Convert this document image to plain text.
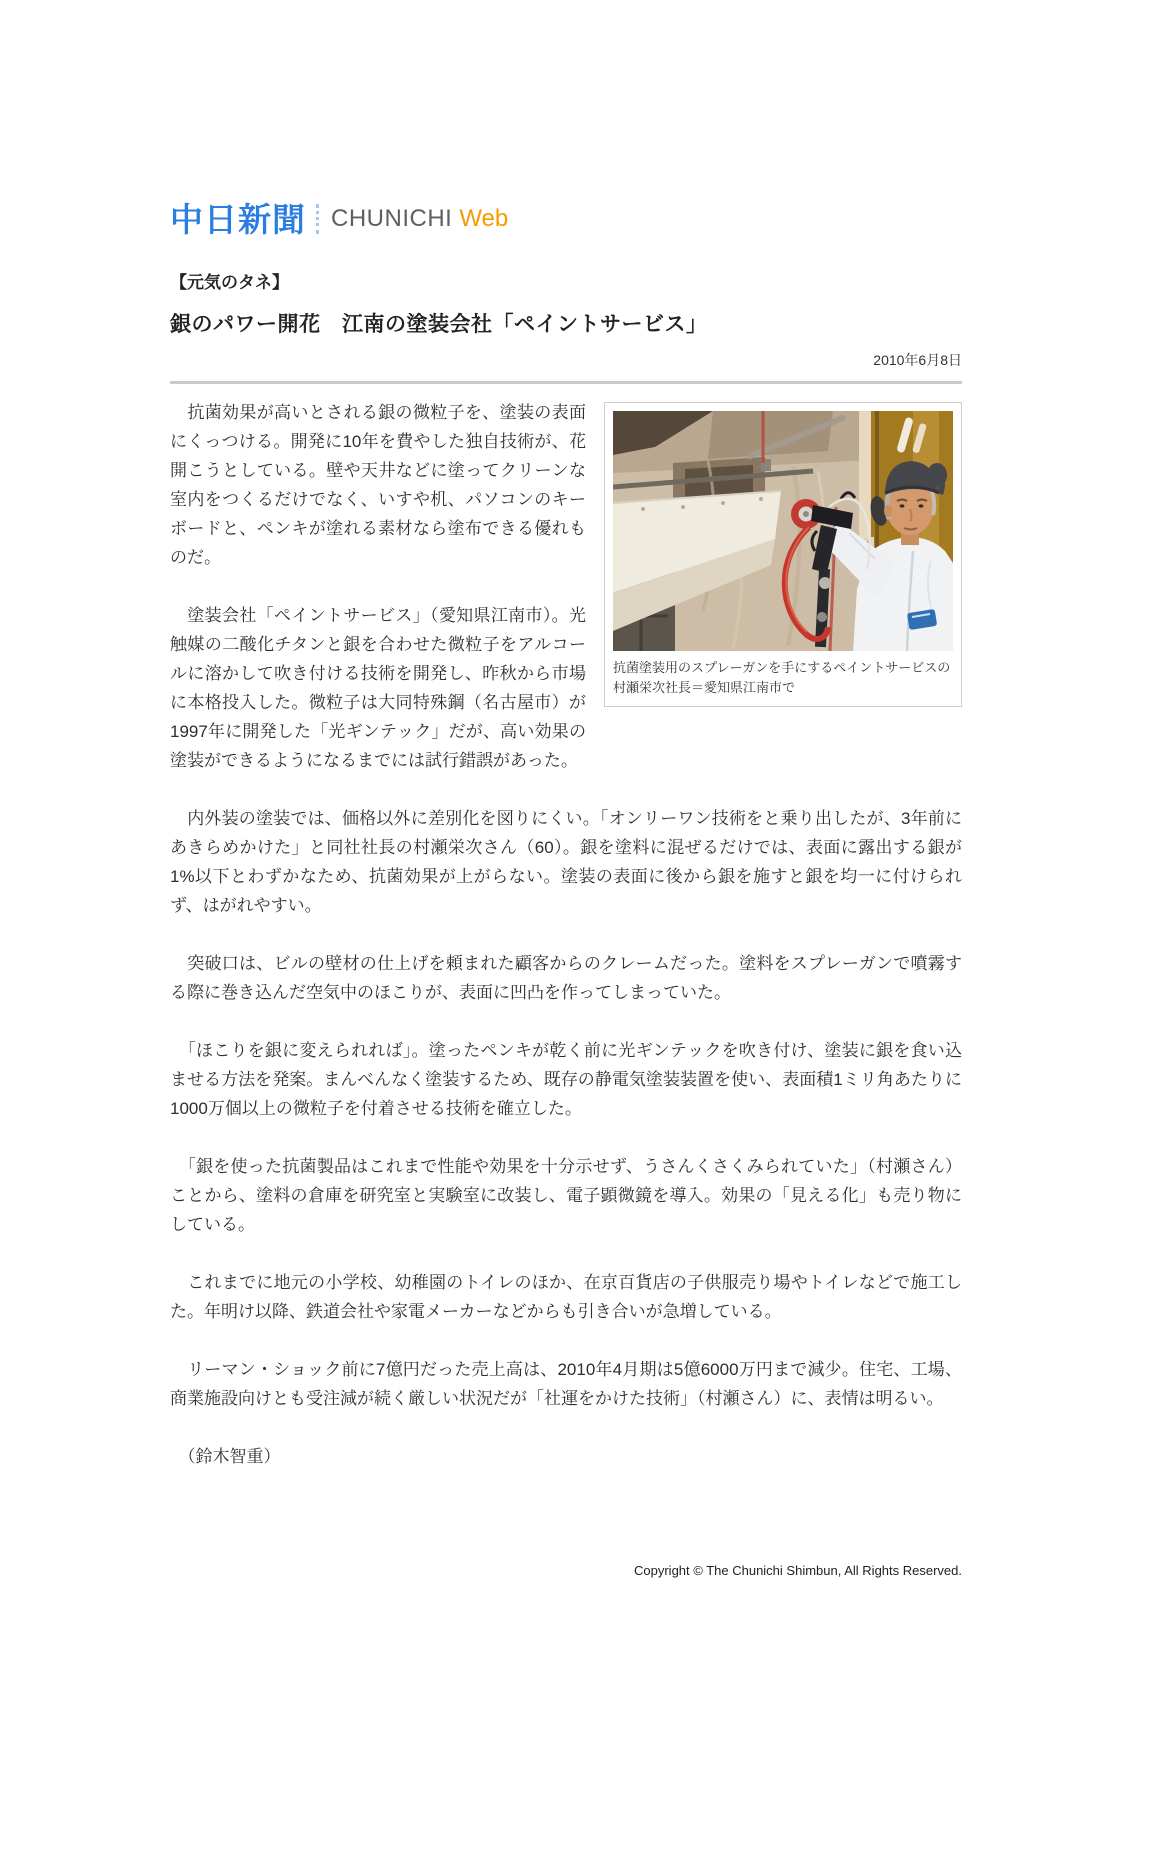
中日新聞 CHUNICHI Web
【元気のタネ】
銀のパワー開花　江南の塗装会社「ペイントサービス」
2010年6月8日
抗菌塗装用のスプレーガンを手にするペイントサービスの村瀬栄次社長＝愛知県江南市で

　抗菌効果が高いとされる銀の微粒子を、塗装の表面にくっつける。開発に10年を費やした独自技術が、花開こうとしている。壁や天井などに塗ってクリーンな室内をつくるだけでなく、いすや机、パソコンのキーボードと、ペンキが塗れる素材なら塗布できる優れものだ。

　塗装会社「ペイントサービス」（愛知県江南市）。光触媒の二酸化チタンと銀を合わせた微粒子をアルコールに溶かして吹き付ける技術を開発し、昨秋から市場に本格投入した。微粒子は大同特殊鋼（名古屋市）が1997年に開発した「光ギンテック」だが、高い効果の塗装ができるようになるまでには試行錯誤があった。

　内外装の塗装では、価格以外に差別化を図りにくい。「オンリーワン技術をと乗り出したが、3年前にあきらめかけた」と同社社長の村瀬栄次さん（60）。銀を塗料に混ぜるだけでは、表面に露出する銀が1%以下とわずかなため、抗菌効果が上がらない。塗装の表面に後から銀を施すと銀を均一に付けられず、はがれやすい。

　突破口は、ビルの壁材の仕上げを頼まれた顧客からのクレームだった。塗料をスプレーガンで噴霧する際に巻き込んだ空気中のほこりが、表面に凹凸を作ってしまっていた。

　「ほこりを銀に変えられれば」。塗ったペンキが乾く前に光ギンテックを吹き付け、塗装に銀を食い込ませる方法を発案。まんべんなく塗装するため、既存の静電気塗装装置を使い、表面積1ミリ角あたりに1000万個以上の微粒子を付着させる技術を確立した。

　「銀を使った抗菌製品はこれまで性能や効果を十分示せず、うさんくさくみられていた」（村瀬さん）ことから、塗料の倉庫を研究室と実験室に改装し、電子顕微鏡を導入。効果の「見える化」も売り物にしている。

　これまでに地元の小学校、幼稚園のトイレのほか、在京百貨店の子供服売り場やトイレなどで施工した。年明け以降、鉄道会社や家電メーカーなどからも引き合いが急増している。

　リーマン・ショック前に7億円だった売上高は、2010年4月期は5億6000万円まで減少。住宅、工場、商業施設向けとも受注減が続く厳しい状況だが「社運をかけた技術」（村瀬さん）に、表情は明るい。

　（鈴木智重）

Copyright © The Chunichi Shimbun, All Rights Reserved.
